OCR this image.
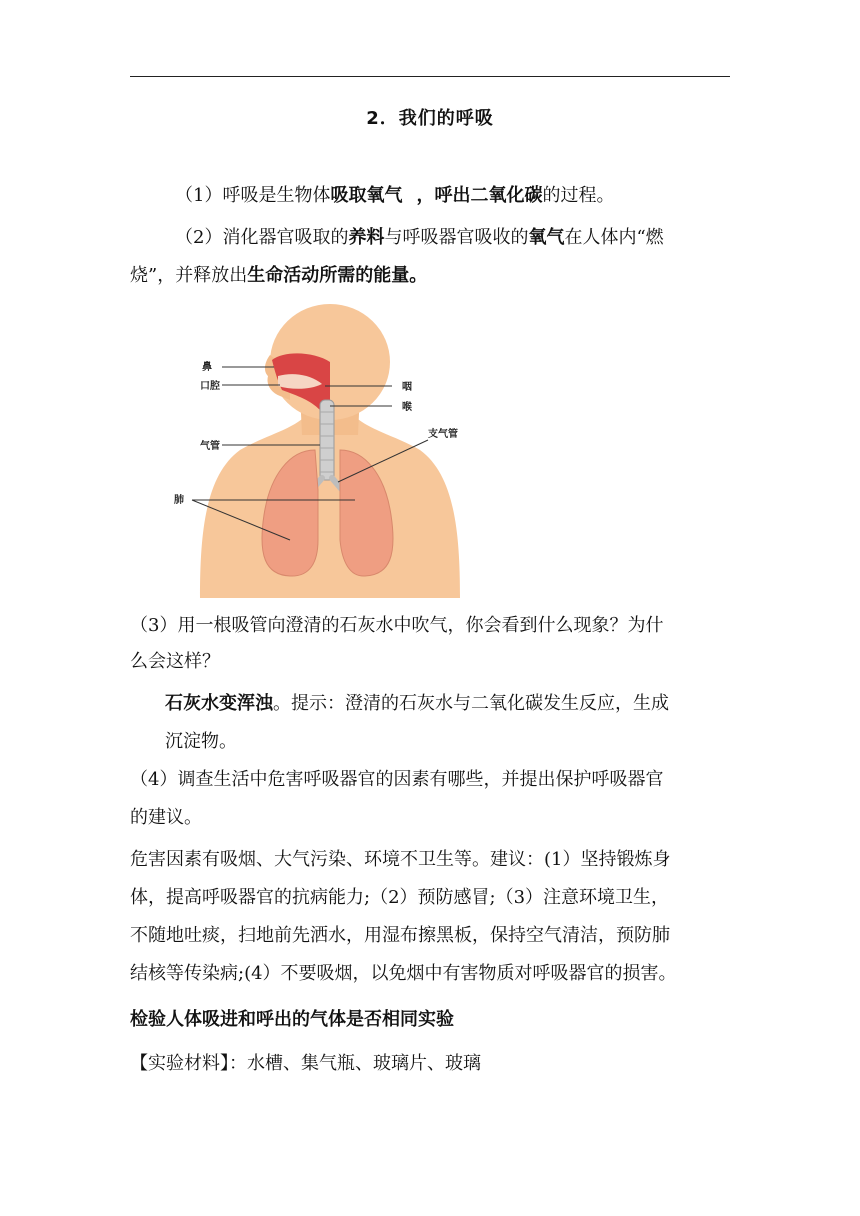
2．我们的呼吸
（1）呼吸是生物体吸取氧气 ，呼出二氧化碳的过程。
（2）消化器官吸取的养料与呼吸器官吸收的氧气在人体内“燃
烧”，并释放出生命活动所需的能量。
鼻
口腔	咽
喉
气管
支气管
肺
（3）用一根吸管向澄清的石灰水中吹气，你会看到什么现象？为什
么会这样？
石灰水变浑浊。提示：澄清的石灰水与二氧化碳发生反应，生成
沉淀物。
（4）调查生活中危害呼吸器官的因素有哪些，并提出保护呼吸器官
的建议。
危害因素有吸烟、大气污染、环境不卫生等。建议：(1）坚持锻炼身
体，提高呼吸器官的抗病能力;（2）预防感冒;（3）注意环境卫生，
不随地吐痰，扫地前先洒水，用湿布擦黑板，保持空气清洁，预防肺
结核等传染病;(4）不要吸烟，以免烟中有害物质对呼吸器官的损害。
检验人体吸进和呼出的气体是否相同实验
【实验材料】：水槽、集气瓶、玻璃片、玻璃
